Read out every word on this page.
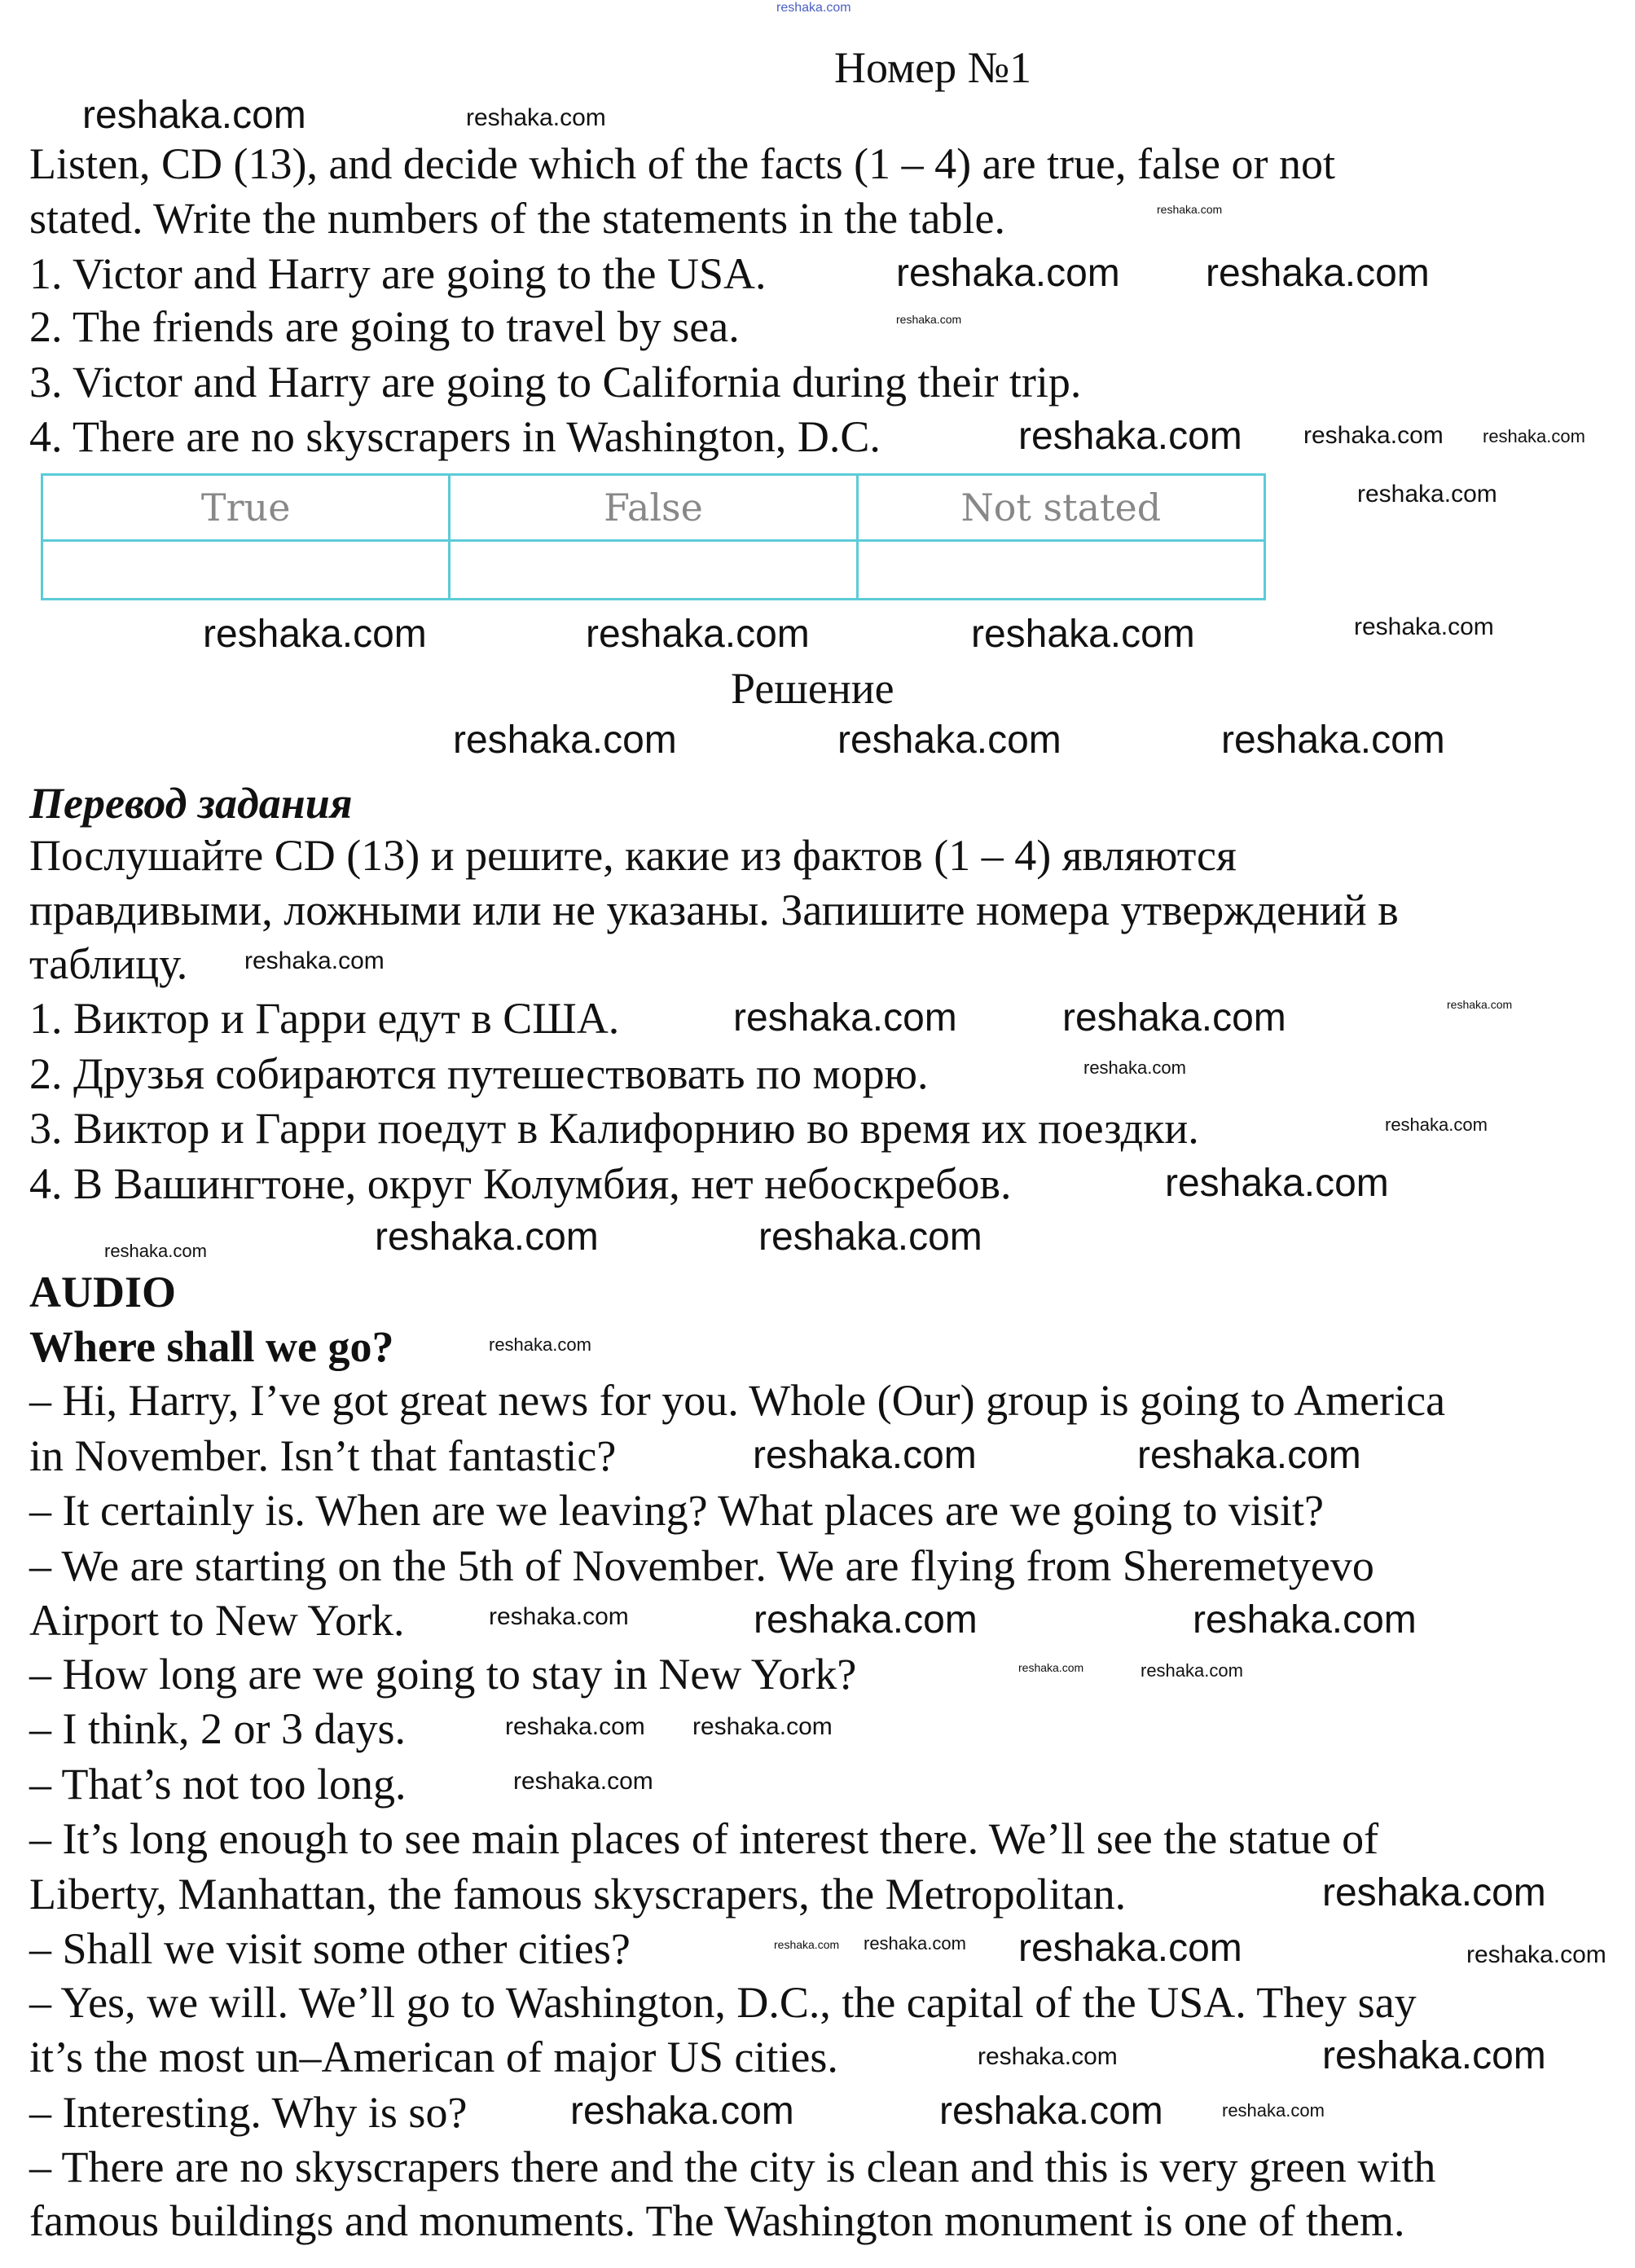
reshaka.com
Номер №1
Listen, CD (13), and decide which of the facts (1 – 4) are true, false or not
stated. Write the numbers of the statements in the table.
1. Victor and Harry are going to the USA.
2. The friends are going to travel by sea.
3. Victor and Harry are going to California during their trip.
4. There are no skyscrapers in Washington, D.C.
True	False	Not stated

Решение
Перевод задания
Послушайте CD (13) и решите, какие из фактов (1 – 4) являются
правдивыми, ложными или не указаны. Запишите номера утверждений в
таблицу.
1. Виктор и Гарри едут в США.
2. Друзья собираются путешествовать по морю.
3. Виктор и Гарри поедут в Калифорнию во время их поездки.
4. В Вашингтоне, округ Колумбия, нет небоскребов.
AUDIO
Where shall we go?
– Hi, Harry, I’ve got great news for you. Whole (Our) group is going to America
in November. Isn’t that fantastic?
– It certainly is. When are we leaving? What places are we going to visit?
– We are starting on the 5th of November. We are flying from Sheremetyevo
Airport to New York.
– How long are we going to stay in New York?
– I think, 2 or 3 days.
– That’s not too long.
– It’s long enough to see main places of interest there. We’ll see the statue of
Liberty, Manhattan, the famous skyscrapers, the Metropolitan.
– Shall we visit some other cities?
– Yes, we will. We’ll go to Washington, D.C., the capital of the USA. They say
it’s the most un–American of major US cities.
– Interesting. Why is so?
– There are no skyscrapers there and the city is clean and this is very green with
famous buildings and monuments. The Washington monument is one of them.
reshaka.com	reshaka.com
reshaka.com
reshaka.com reshaka.com
reshaka.com
reshaka.com reshaka.com
reshaka.com
reshaka.com
reshaka.com	reshaka.com	reshaka.com	reshaka.com
reshaka.com	reshaka.com	reshaka.com
reshaka.com
reshaka.com
reshaka.com	reshaka.com
reshaka.com
reshaka.com
reshaka.com
reshaka.com
reshaka.com
reshaka.com
reshaka.com
reshaka.com	reshaka.com
reshaka.com	reshaka.com	reshaka.com
reshaka.com	reshaka.com
reshaka.com reshaka.com
reshaka.com
reshaka.com
reshaka.com reshaka.com reshaka.com	reshaka.com
reshaka.com	reshaka.com
reshaka.com	reshaka.com	reshaka.com
